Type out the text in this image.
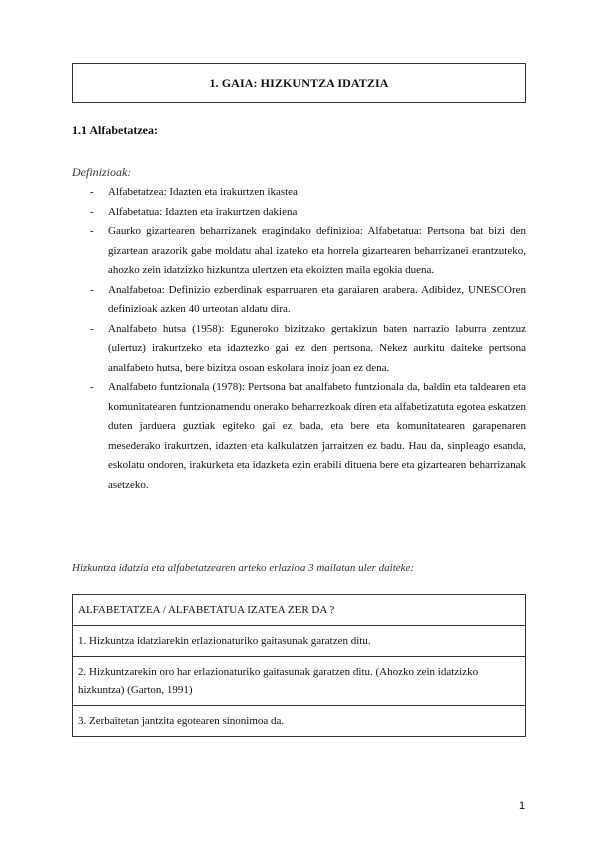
1. GAIA: HIZKUNTZA IDATZIA
1.1 Alfabetatzea:
Definizioak:
- Alfabetatzea: Idazten eta irakurtzen ikastea
- Alfabetatua: Idazten eta irakurtzen dakiena
- Gaurko gizartearen beharrizanek eragindako definizioa: Alfabetatua: Pertsona bat bizi den gizartean arazorik gabe moldatu ahal izateko eta horrela gizartearen beharrizanei erantzuteko, ahozko zein idatzizko hizkuntza ulertzen eta ekoizten maila egokia duena.
- Analfabetoa: Definizio ezberdinak esparruaren eta garaiaren arabera. Adibidez, UNESCOren definizioak azken 40 urteotan aldatu dira.
- Analfabeto hutsa (1958): Eguneroko bizitzako gertakizun baten narrazio laburra zentzuz (ulertuz) irakurtzeko eta idaztezko gai ez den pertsona. Nekez aurkitu daiteke pertsona analfabeto hutsa, bere bizitza osoan eskolara inoiz joan ez dena.
- Analfabeto funtzionala (1978): Pertsona bat analfabeto funtzionala da, baldin eta taldearen eta komunitatearen funtzionamendu onerako beharrezkoak diren eta alfabetizatuta egotea eskatzen duten jarduera guztiak egiteko gai ez bada, eta bere eta komunitatearen garapenaren mesederako irakurtzen, idazten eta kalkulatzen jarraitzen ez badu. Hau da, sinpleago esanda, eskolatu ondoren, irakurketa eta idazketa ezin erabili dituena bere eta gizartearen beharrizanak asetzeko.
Hizkuntza idatzia eta alfabetatzearen arteko erlazioa 3 mailatan uler daiteke:
ALFABETATZEA / ALFABETATUA IZATEA ZER DA ?
1. Hizkuntza idatziarekin erlazionaturiko gaitasunak garatzen ditu.
2. Hizkuntzarekin oro har erlazionaturiko gaitasunak garatzen ditu. (Ahozko zein idatzizko hizkuntza) (Garton, 1991)
3. Zerbaitetan jantzita egotearen sinonimoa da.
1
